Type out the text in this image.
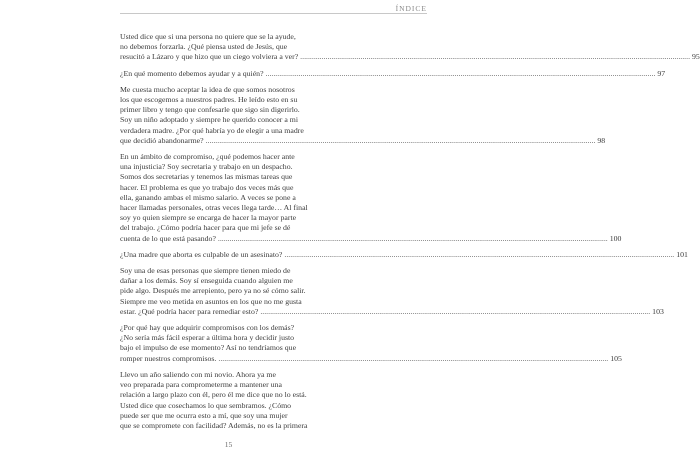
ÍNDICE
Usted dice que si una persona no quiere que se la ayude,
no debemos forzarla. ¿Qué piensa usted de Jesús, que
resucitó a Lázaro y que hizo que un ciego volviera a ver? ........................................................................................................................................................................................................ 95
¿En qué momento debemos ayudar y a quién? ........................................................................................................................................................................................................ 97
Me cuesta mucho aceptar la idea de que somos nosotros
los que escogemos a nuestros padres. He leído esto en su
primer libro y tengo que confesarle que sigo sin digerirlo.
Soy un niño adoptado y siempre he querido conocer a mi
verdadera madre. ¿Por qué habría yo de elegir a una madre
que decidió abandonarme? ........................................................................................................................................................................................................ 98
En un ámbito de compromiso, ¿qué podemos hacer ante
una injusticia? Soy secretaria y trabajo en un despacho.
Somos dos secretarias y tenemos las mismas tareas que
hacer. El problema es que yo trabajo dos veces más que
ella, ganando ambas el mismo salario. A veces se pone a
hacer llamadas personales, otras veces llega tarde… Al final
soy yo quien siempre se encarga de hacer la mayor parte
del trabajo. ¿Cómo podría hacer para que mi jefe se dé
cuenta de lo que está pasando? ........................................................................................................................................................................................................ 100
¿Una madre que aborta es culpable de un asesinato? ........................................................................................................................................................................................................ 101
Soy una de esas personas que siempre tienen miedo de
dañar a los demás. Soy sí enseguida cuando alguien me
pide algo. Después me arrepiento, pero ya no sé cómo salir.
Siempre me veo metida en asuntos en los que no me gusta
estar. ¿Qué podría hacer para remediar esto? ........................................................................................................................................................................................................ 103
¿Por qué hay que adquirir compromisos con los demás?
¿No sería más fácil esperar a última hora y decidir justo
bajo el impulso de ese momento? Así no tendríamos que
romper nuestros compromisos. ........................................................................................................................................................................................................ 105
Llevo un año saliendo con mi novio. Ahora ya me
veo preparada para comprometerme a mantener una
relación a largo plazo con él, pero él me dice que no lo está.
Usted dice que cosechamos lo que sembramos. ¿Cómo
puede ser que me ocurra esto a mí, que soy una mujer
que se compromete con facilidad? Además, no es la primera
15
